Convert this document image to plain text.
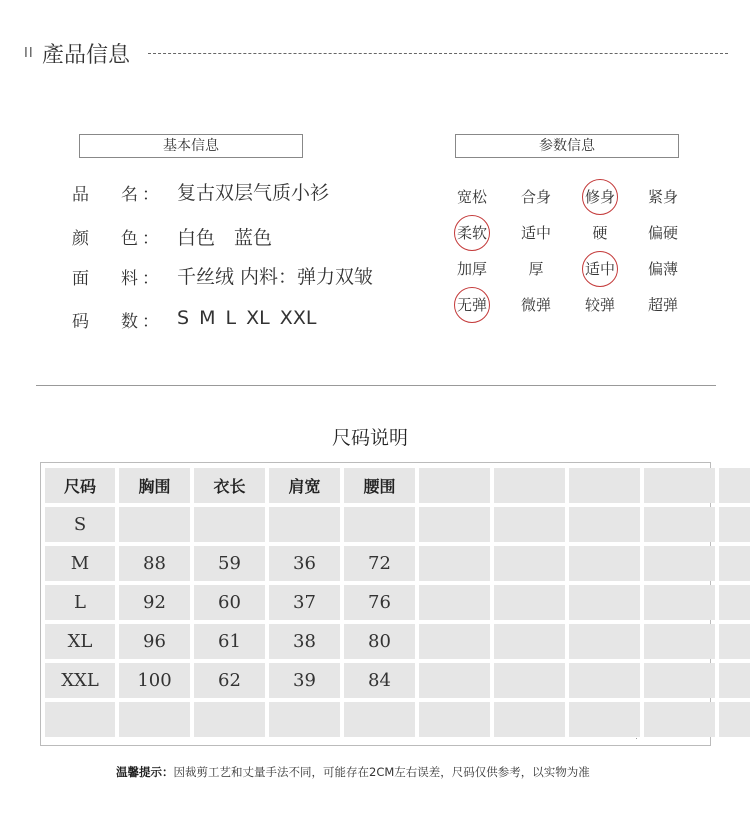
II 產品信息
基本信息
品 名 ： 复古双层气质小衫
颜 色 ： 白色　蓝色
面 料 ： 千丝绒 内料：弹力双皱
码 数 ： S M L XL XXL
参数信息
宽松	合身	修身	紧身
柔软	适中	硬	偏硬
加厚	厚	适中	偏薄
无弹	微弹	较弹	超弹
尺码说明
尺码	胸围	衣长	肩宽	腰围
S
M	88	59	36	72
L	92	60	37	76
XL	96	61	38	80
XXL	100	62	39	84
温馨提示：因裁剪工艺和丈量手法不同，可能存在2CM左右误差，尺码仅供参考，以实物为准
